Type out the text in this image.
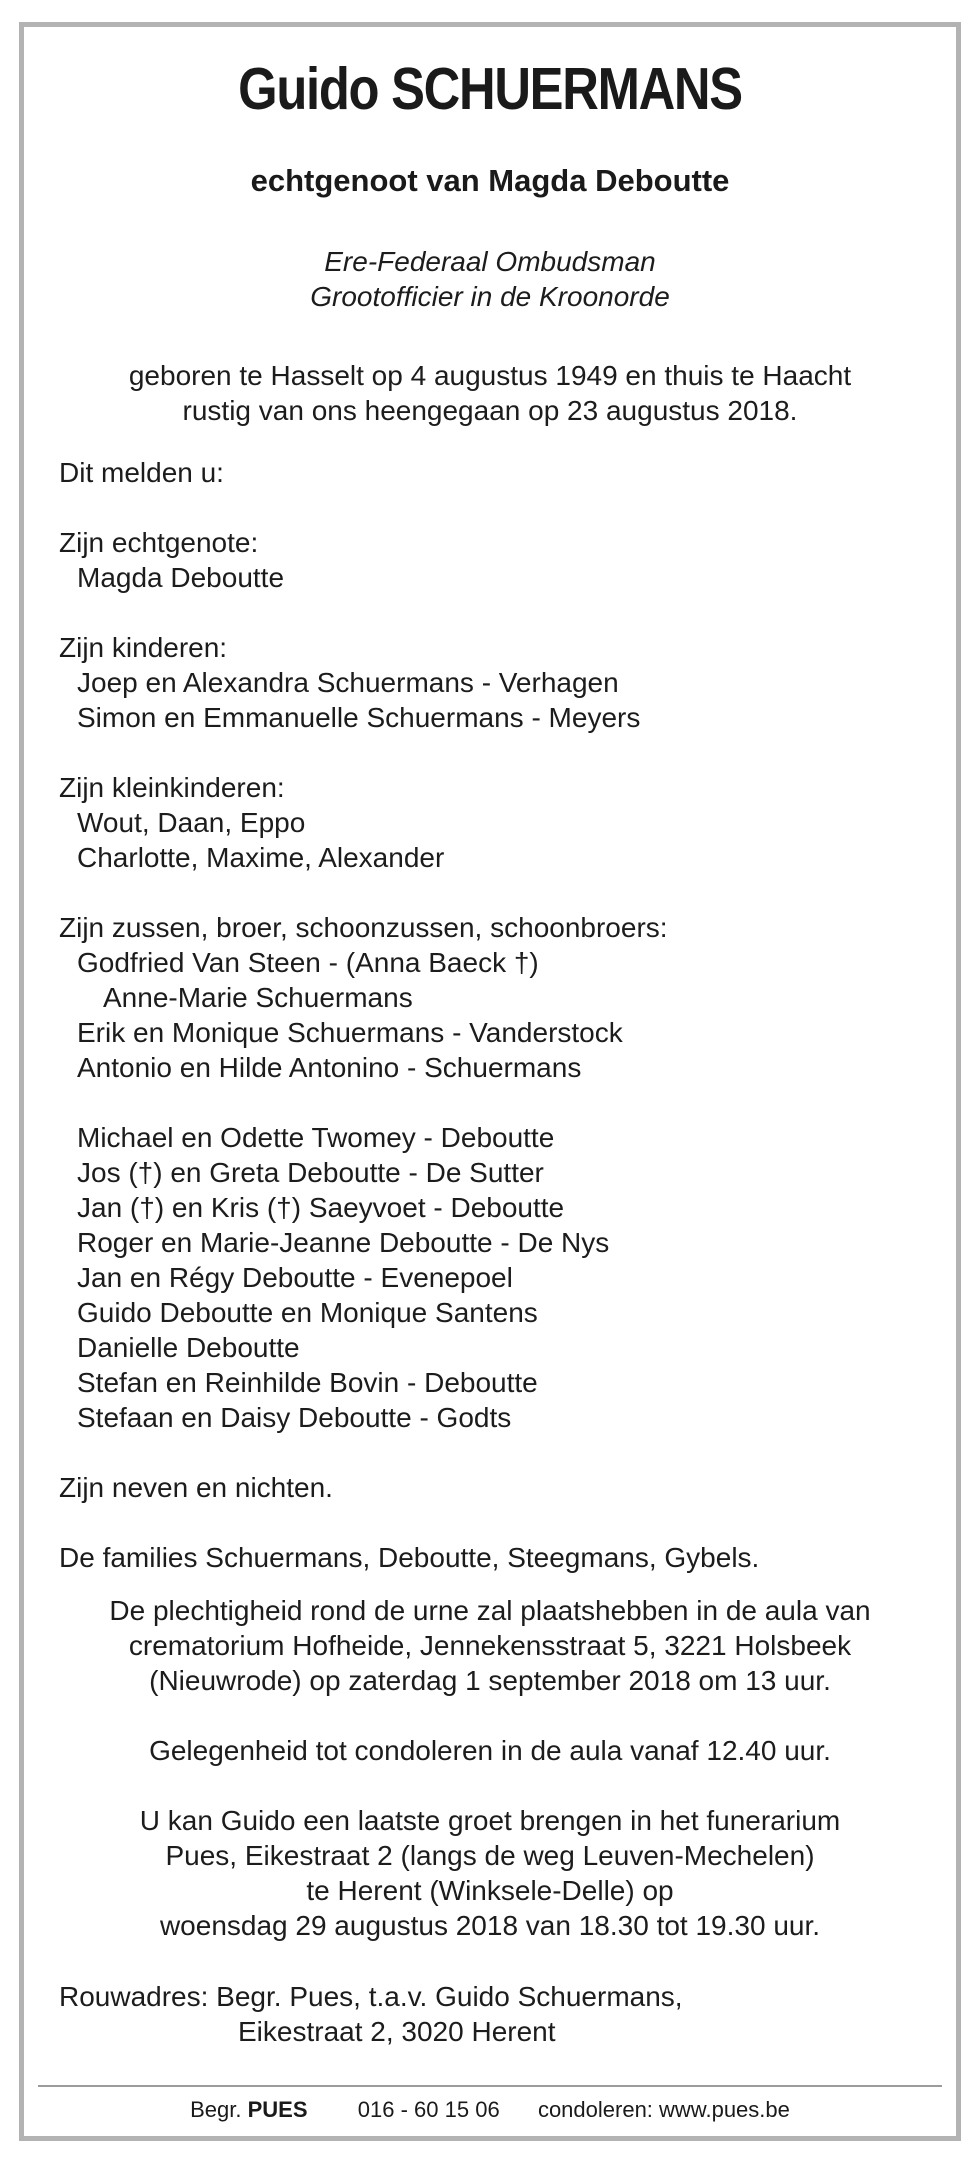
Guido SCHUERMANS
echtgenoot van Magda Deboutte
Ere-Federaal Ombudsman
Grootofficier in de Kroonorde
geboren te Hasselt op 4 augustus 1949 en thuis te Haacht
rustig van ons heengegaan op 23 augustus 2018.
Dit melden u:
Zijn echtgenote:
Magda Deboutte
Zijn kinderen:
Joep en Alexandra Schuermans - Verhagen
Simon en Emmanuelle Schuermans - Meyers
Zijn kleinkinderen:
Wout, Daan, Eppo
Charlotte, Maxime, Alexander
Zijn zussen, broer, schoonzussen, schoonbroers:
Godfried Van Steen - (Anna Baeck †)
Anne-Marie Schuermans
Erik en Monique Schuermans - Vanderstock
Antonio en Hilde Antonino - Schuermans
Michael en Odette Twomey - Deboutte
Jos (†) en Greta Deboutte - De Sutter
Jan (†) en Kris (†) Saeyvoet - Deboutte
Roger en Marie-Jeanne Deboutte - De Nys
Jan en Régy Deboutte - Evenepoel
Guido Deboutte en Monique Santens
Danielle Deboutte
Stefan en Reinhilde Bovin - Deboutte
Stefaan en Daisy Deboutte - Godts
Zijn neven en nichten.
De families Schuermans, Deboutte, Steegmans, Gybels.
De plechtigheid rond de urne zal plaatshebben in de aula van
crematorium Hofheide, Jennekensstraat 5, 3221 Holsbeek
(Nieuwrode) op zaterdag 1 september 2018 om 13 uur.
Gelegenheid tot condoleren in de aula vanaf 12.40 uur.
U kan Guido een laatste groet brengen in het funerarium
Pues, Eikestraat 2 (langs de weg Leuven-Mechelen)
te Herent (Winksele-Delle) op
woensdag 29 augustus 2018 van 18.30 tot 19.30 uur.
Rouwadres: Begr. Pues, t.a.v. Guido Schuermans,
Eikestraat 2, 3020 Herent
Begr. PUES 016 - 60 15 06 condoleren: www.pues.be
